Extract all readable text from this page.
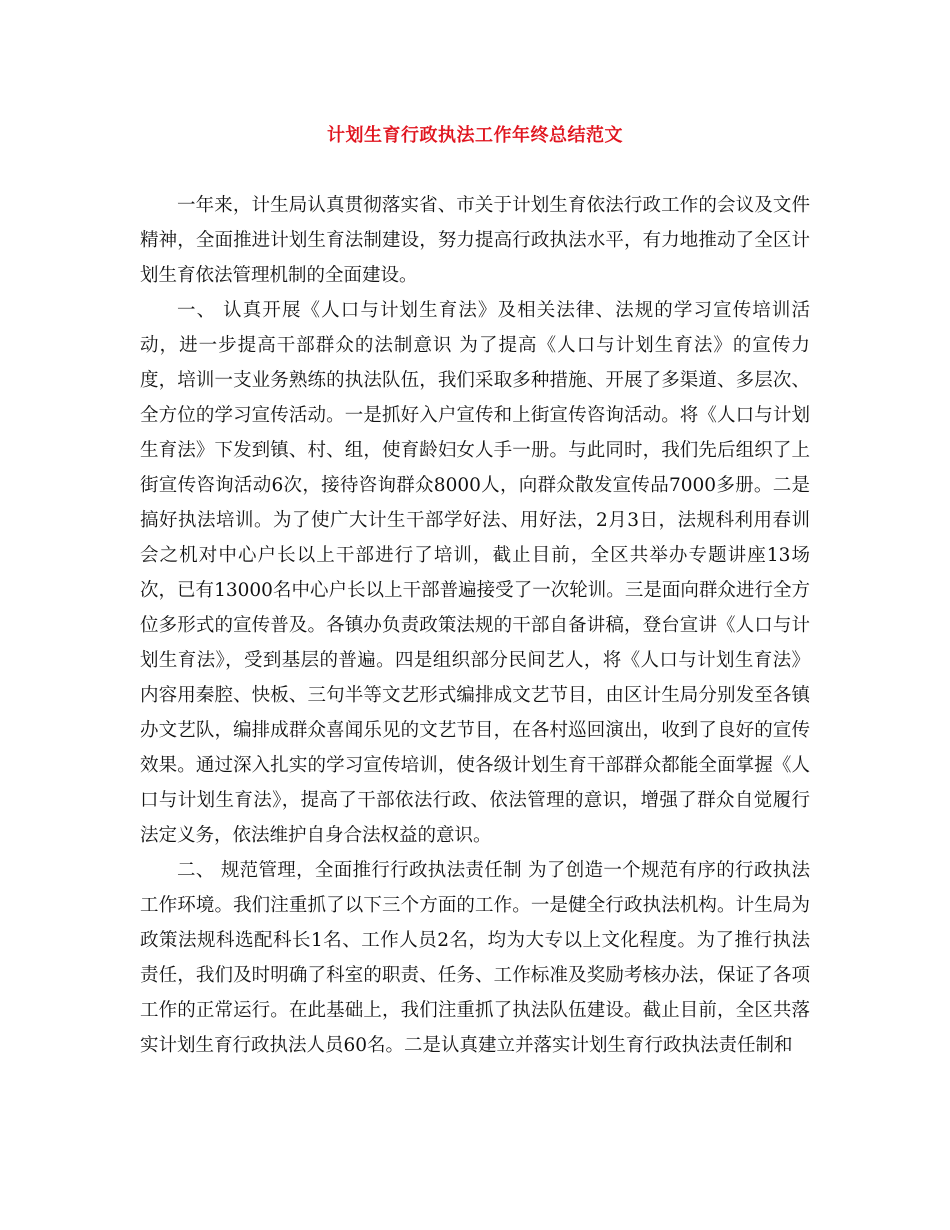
计划生育行政执法工作年终总结范文

一年来，计生局认真贯彻落实省、市关于计划生育依法行政工作的会议及文件精神，全面推进计划生育法制建设，努力提高行政执法水平，有力地推动了全区计划生育依法管理机制的全面建设。

一、 认真开展《人口与计划生育法》及相关法律、法规的学习宣传培训活动，进一步提高干部群众的法制意识 为了提高《人口与计划生育法》的宣传力度，培训一支业务熟练的执法队伍，我们采取多种措施、开展了多渠道、多层次、全方位的学习宣传活动。一是抓好入户宣传和上街宣传咨询活动。将《人口与计划生育法》下发到镇、村、组，使育龄妇女人手一册。与此同时，我们先后组织了上街宣传咨询活动6次，接待咨询群众8000人，向群众散发宣传品7000多册。二是搞好执法培训。为了使广大计生干部学好法、用好法，2月3日，法规科利用春训会之机对中心户长以上干部进行了培训，截止目前，全区共举办专题讲座13场次，已有13000名中心户长以上干部普遍接受了一次轮训。三是面向群众进行全方位多形式的宣传普及。各镇办负责政策法规的干部自备讲稿，登台宣讲《人口与计划生育法》，受到基层的普遍。四是组织部分民间艺人，将《人口与计划生育法》内容用秦腔、快板、三句半等文艺形式编排成文艺节目，由区计生局分别发至各镇办文艺队，编排成群众喜闻乐见的文艺节目，在各村巡回演出，收到了良好的宣传效果。通过深入扎实的学习宣传培训，使各级计划生育干部群众都能全面掌握《人口与计划生育法》，提高了干部依法行政、依法管理的意识，增强了群众自觉履行法定义务，依法维护自身合法权益的意识。

二、 规范管理，全面推行行政执法责任制 为了创造一个规范有序的行政执法工作环境。我们注重抓了以下三个方面的工作。一是健全行政执法机构。计生局为政策法规科选配科长1名、工作人员2名，均为大专以上文化程度。为了推行执法责任，我们及时明确了科室的职责、任务、工作标准及奖励考核办法，保证了各项工作的正常运行。在此基础上，我们注重抓了执法队伍建设。截止目前，全区共落实计划生育行政执法人员60名。二是认真建立并落实计划生育行政执法责任制和
